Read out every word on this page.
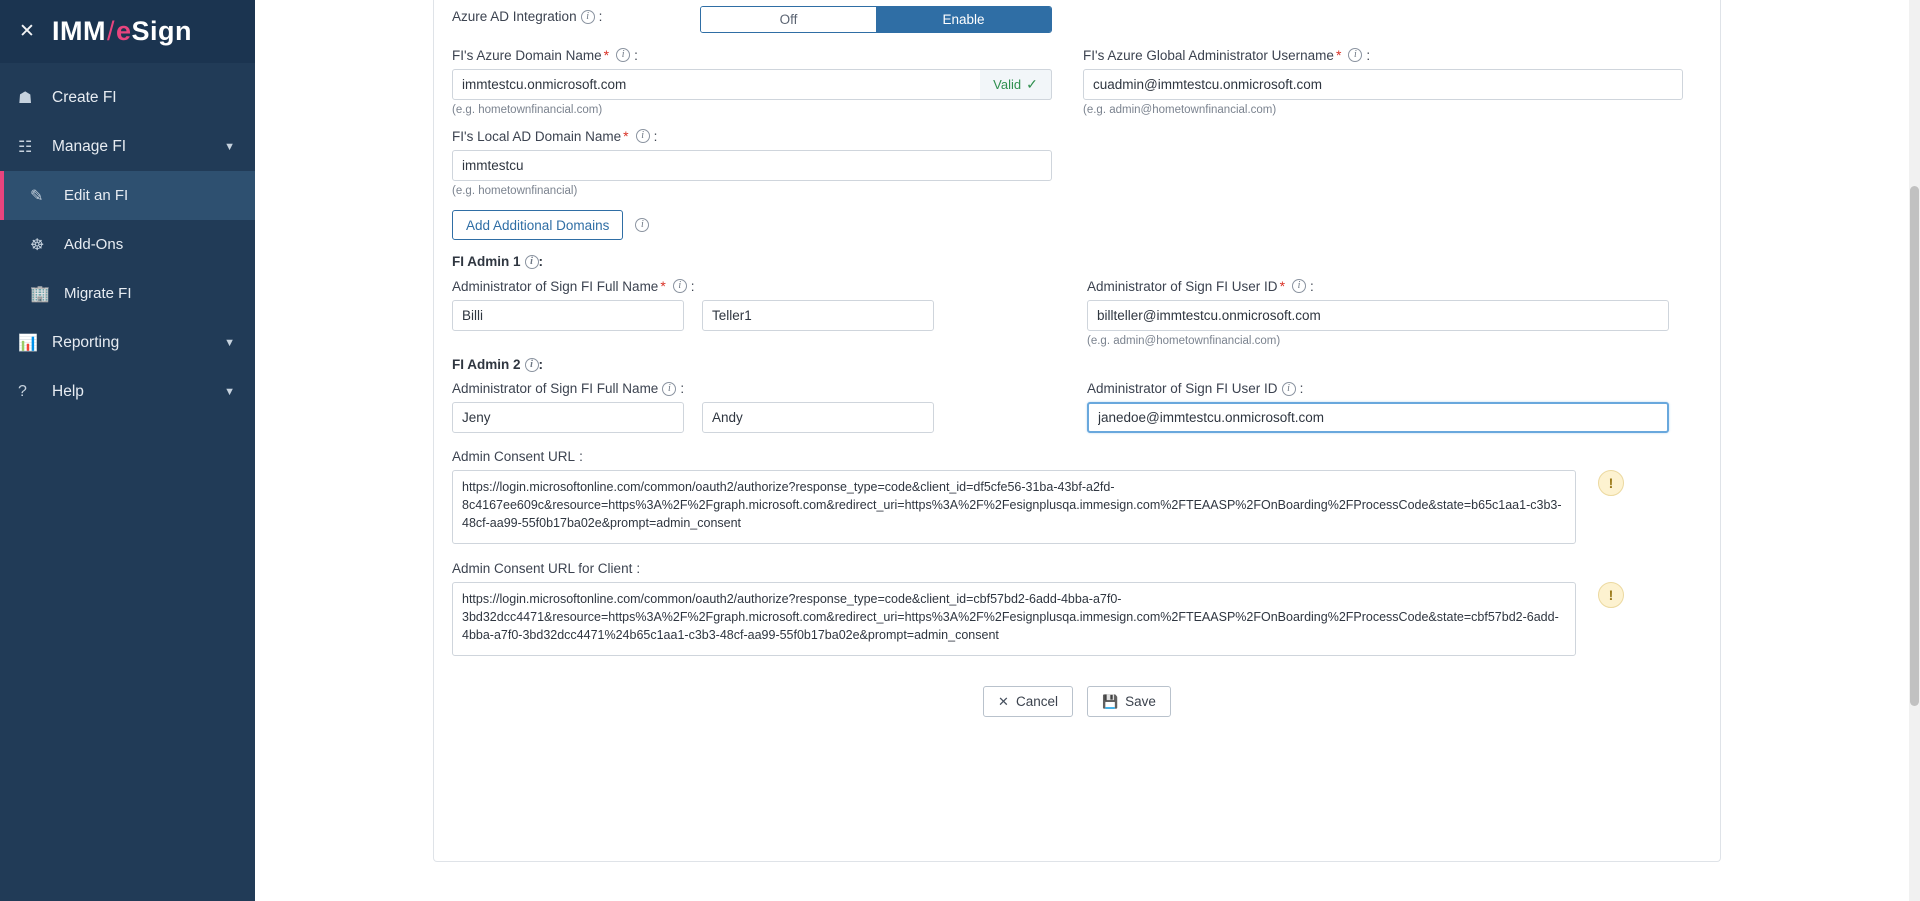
✕ IMM / e Sign
☗	Create FI
☷	Manage FI	▼
✎	Edit an FI
☸	Add-Ons
🏢 Migrate FI
📊 Reporting	▼
?	Help	▼
Azure AD Integration i :	Off	Enable
FI's Azure Domain Name *	i :
immtestcu.onmicrosoft.com
Valid ✓
(e.g. hometownfinancial.com)
FI's Azure Global Administrator Username *	i :
cuadmin@immtestcu.onmicrosoft.com
(e.g. admin@hometownfinancial.com)
FI's Local AD Domain Name *	i :
immtestcu
(e.g. hometownfinancial)
Add Additional Domains	i
FI Admin 1 i :
Administrator of Sign FI Full Name *	i :
Billi
Teller1	Administrator of Sign FI User ID *	i :
billteller@immtestcu.onmicrosoft.com
(e.g. admin@hometownfinancial.com)
FI Admin 2 i :
Administrator of Sign FI Full Name i :
Jeny
Andy	Administrator of Sign FI User ID i :
janedoe@immtestcu.onmicrosoft.com
Admin Consent URL :
https://login.microsoftonline.com/common/oauth2/authorize?response_type=code&client_id=df5cfe56-31ba-43bf-a2fd-8c4167ee609c&resource=https%3A%2F%2Fgraph.microsoft.com&redirect_uri=https%3A%2F%2Fesignplusqa.immesign.com%2FTEAASP%2FOnBoarding%2FProcessCode&state=b65c1aa1-c3b3-48cf-aa99-55f0b17ba02e&prompt=admin_consent
!
Admin Consent URL for Client :
https://login.microsoftonline.com/common/oauth2/authorize?response_type=code&client_id=cbf57bd2-6add-4bba-a7f0-3bd32dcc4471&resource=https%3A%2F%2Fgraph.microsoft.com&redirect_uri=https%3A%2F%2Fesignplusqa.immesign.com%2FTEAASP%2FOnBoarding%2FProcessCode&state=cbf57bd2-6add-4bba-a7f0-3bd32dcc4471%24b65c1aa1-c3b3-48cf-aa99-55f0b17ba02e&prompt=admin_consent
!
✕ Cancel	💾 Save
